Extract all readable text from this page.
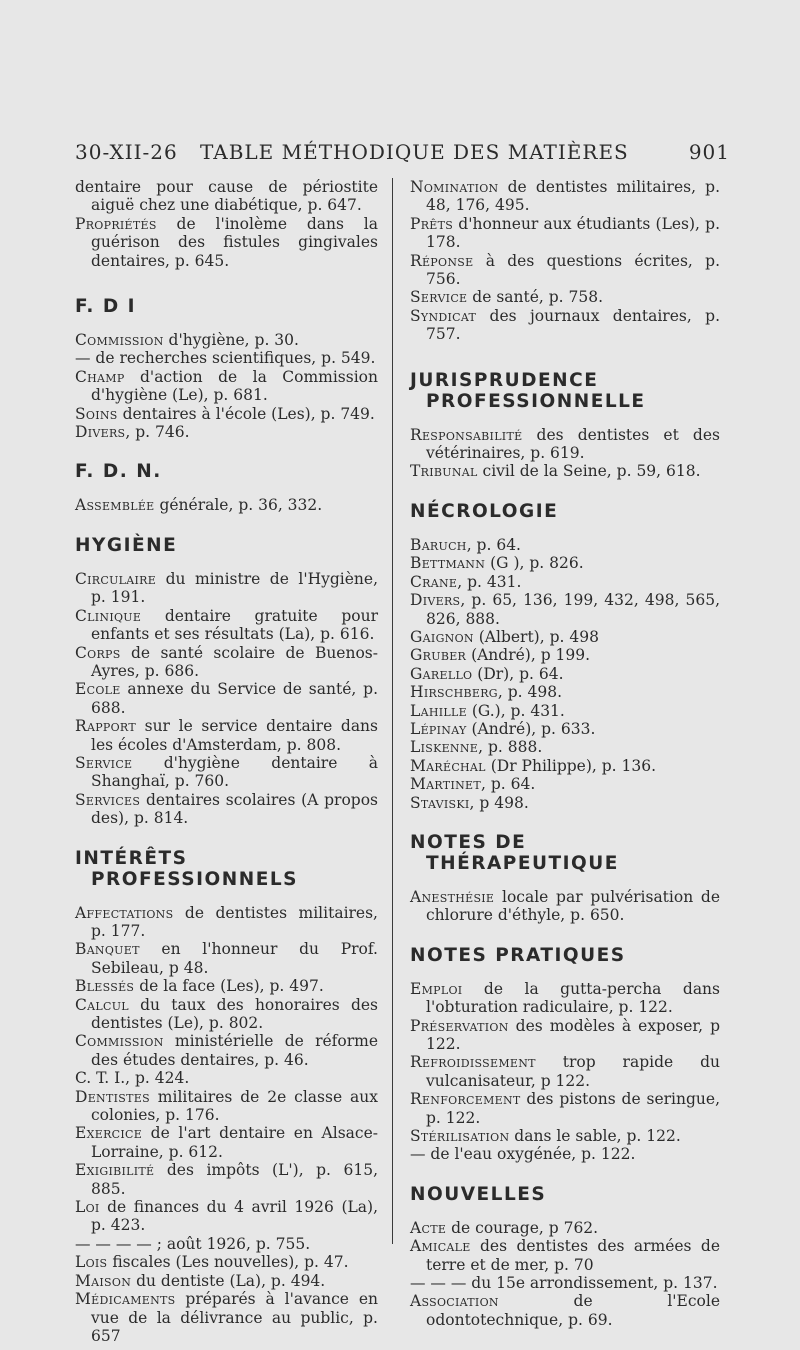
30-XII-26 TABLE MÉTHODIQUE DES MATIÈRES	901

dentaire pour cause de périostite aiguë chez une diabétique, p. 647.

Propriétés de l'inolème dans la guérison des fistules gingivales dentaires, p. 645.

F. D I

Commission d'hygiène, p. 30.

— de recherches scientifiques, p. 549.

Champ d'action de la Commission d'hygiène (Le), p. 681.

Soins dentaires à l'école (Les), p. 749.

Divers, p. 746.

F. D. N.

Assemblée générale, p. 36, 332.

HYGIÈNE

Circulaire du ministre de l'Hygiène, p. 191.

Clinique dentaire gratuite pour enfants et ses résultats (La), p. 616.

Corps de santé scolaire de Buenos-Ayres, p. 686.

Ecole annexe du Service de santé, p. 688.

Rapport sur le service dentaire dans les écoles d'Amsterdam, p. 808.

Service d'hygiène dentaire à Shanghaï, p. 760.

Services dentaires scolaires (A propos des), p. 814.

INTÉRÊTS PROFESSIONNELS

Affectations de dentistes militaires, p. 177.

Banquet en l'honneur du Prof. Sebileau, p 48.

Blessés de la face (Les), p. 497.

Calcul du taux des honoraires des dentistes (Le), p. 802.

Commission ministérielle de réforme des études dentaires, p. 46.

C. T. I., p. 424.

Dentistes militaires de 2e classe aux colonies, p. 176.

Exercice de l'art dentaire en Alsace-Lorraine, p. 612.

Exigibilité des impôts (L'), p. 615, 885.

Loi de finances du 4 avril 1926 (La), p. 423.

— — — — ; août 1926, p. 755.

Lois fiscales (Les nouvelles), p. 47.

Maison du dentiste (La), p. 494.

Médicaments préparés à l'avance en vue de la délivrance au public, p. 657

Nomination de dentistes militaires, p. 48, 176, 495.

Prêts d'honneur aux étudiants (Les), p. 178.

Réponse à des questions écrites, p. 756.

Service de santé, p. 758.

Syndicat des journaux dentaires, p. 757.

JURISPRUDENCE PROFESSIONNELLE

Responsabilité des dentistes et des vétérinaires, p. 619.

Tribunal civil de la Seine, p. 59, 618.

NÉCROLOGIE

Baruch, p. 64.

Bettmann (G ), p. 826.

Crane, p. 431.

Divers, p. 65, 136, 199, 432, 498, 565, 826, 888.

Gaignon (Albert), p. 498

Gruber (André), p 199.

Garello (Dr), p. 64.

Hirschberg, p. 498.

Lahille (G.), p. 431.

Lépinay (André), p. 633.

Liskenne, p. 888.

Maréchal (Dr Philippe), p. 136.

Martinet, p. 64.

Staviski, p 498.

NOTES DE THÉRAPEUTIQUE

Anesthésie locale par pulvérisation de chlorure d'éthyle, p. 650.

NOTES PRATIQUES

Emploi de la gutta-percha dans l'obturation radiculaire, p. 122.

Préservation des modèles à exposer, p 122.

Refroidissement trop rapide du vulcanisateur, p 122.

Renforcement des pistons de seringue, p. 122.

Stérilisation dans le sable, p. 122.

— de l'eau oxygénée, p. 122.

NOUVELLES

Acte de courage, p 762.

Amicale des dentistes des armées de terre et de mer, p. 70

— — — du 15e arrondissement, p. 137.

Association de l'Ecole odontotechnique, p. 69.
